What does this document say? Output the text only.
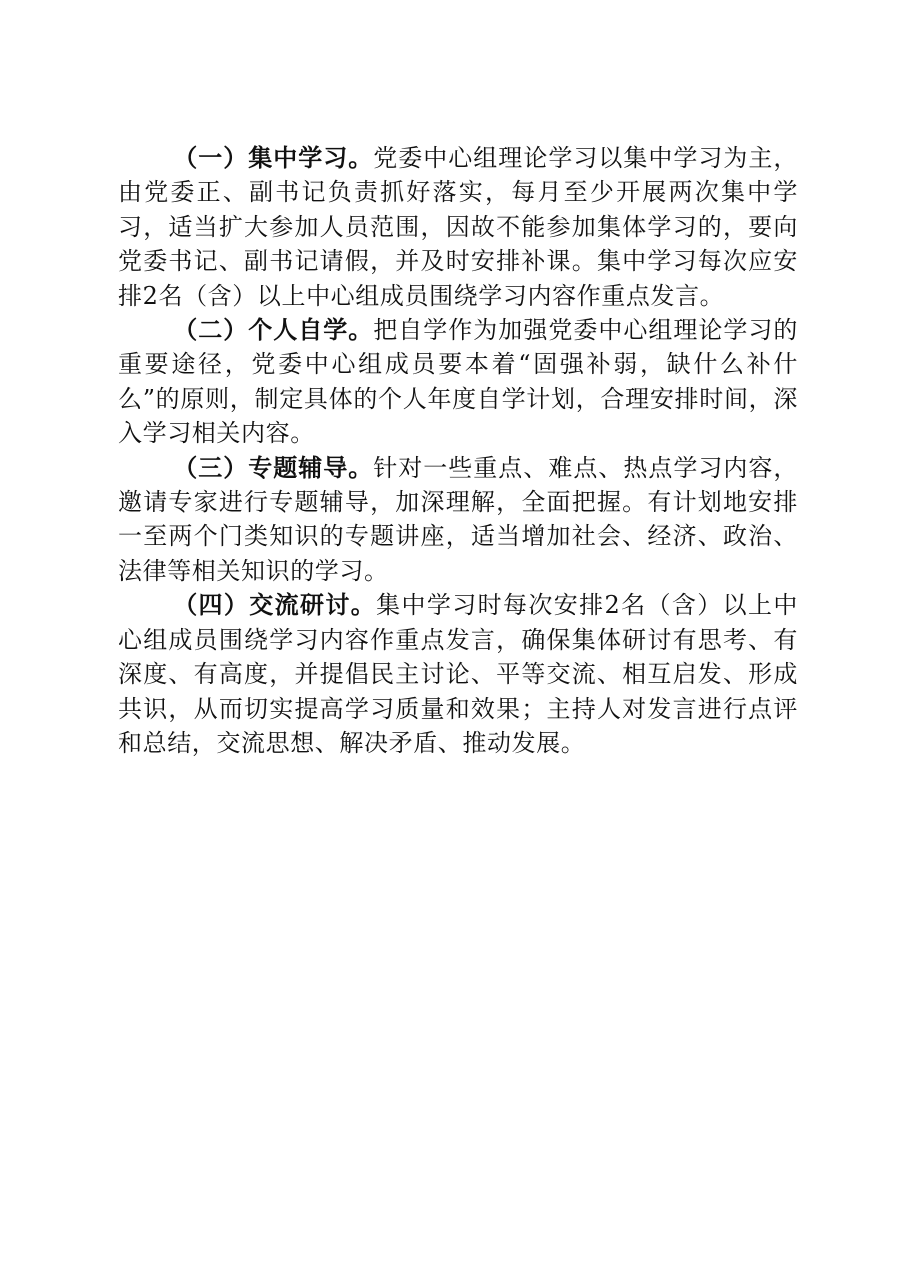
（一）集中学习。党委中心组理论学习以集中学习为主，由党委正、副书记负责抓好落实，每月至少开展两次集中学习，适当扩大参加人员范围，因故不能参加集体学习的，要向党委书记、副书记请假，并及时安排补课。集中学习每次应安排2名（含）以上中心组成员围绕学习内容作重点发言。

（二）个人自学。把自学作为加强党委中心组理论学习的重要途径，党委中心组成员要本着“固强补弱，缺什么补什么”的原则，制定具体的个人年度自学计划，合理安排时间，深入学习相关内容。

（三）专题辅导。针对一些重点、难点、热点学习内容，邀请专家进行专题辅导，加深理解，全面把握。有计划地安排一至两个门类知识的专题讲座，适当增加社会、经济、政治、法律等相关知识的学习。

（四）交流研讨。集中学习时每次安排2名（含）以上中心组成员围绕学习内容作重点发言，确保集体研讨有思考、有深度、有高度，并提倡民主讨论、平等交流、相互启发、形成共识，从而切实提高学习质量和效果；主持人对发言进行点评和总结，交流思想、解决矛盾、推动发展。
